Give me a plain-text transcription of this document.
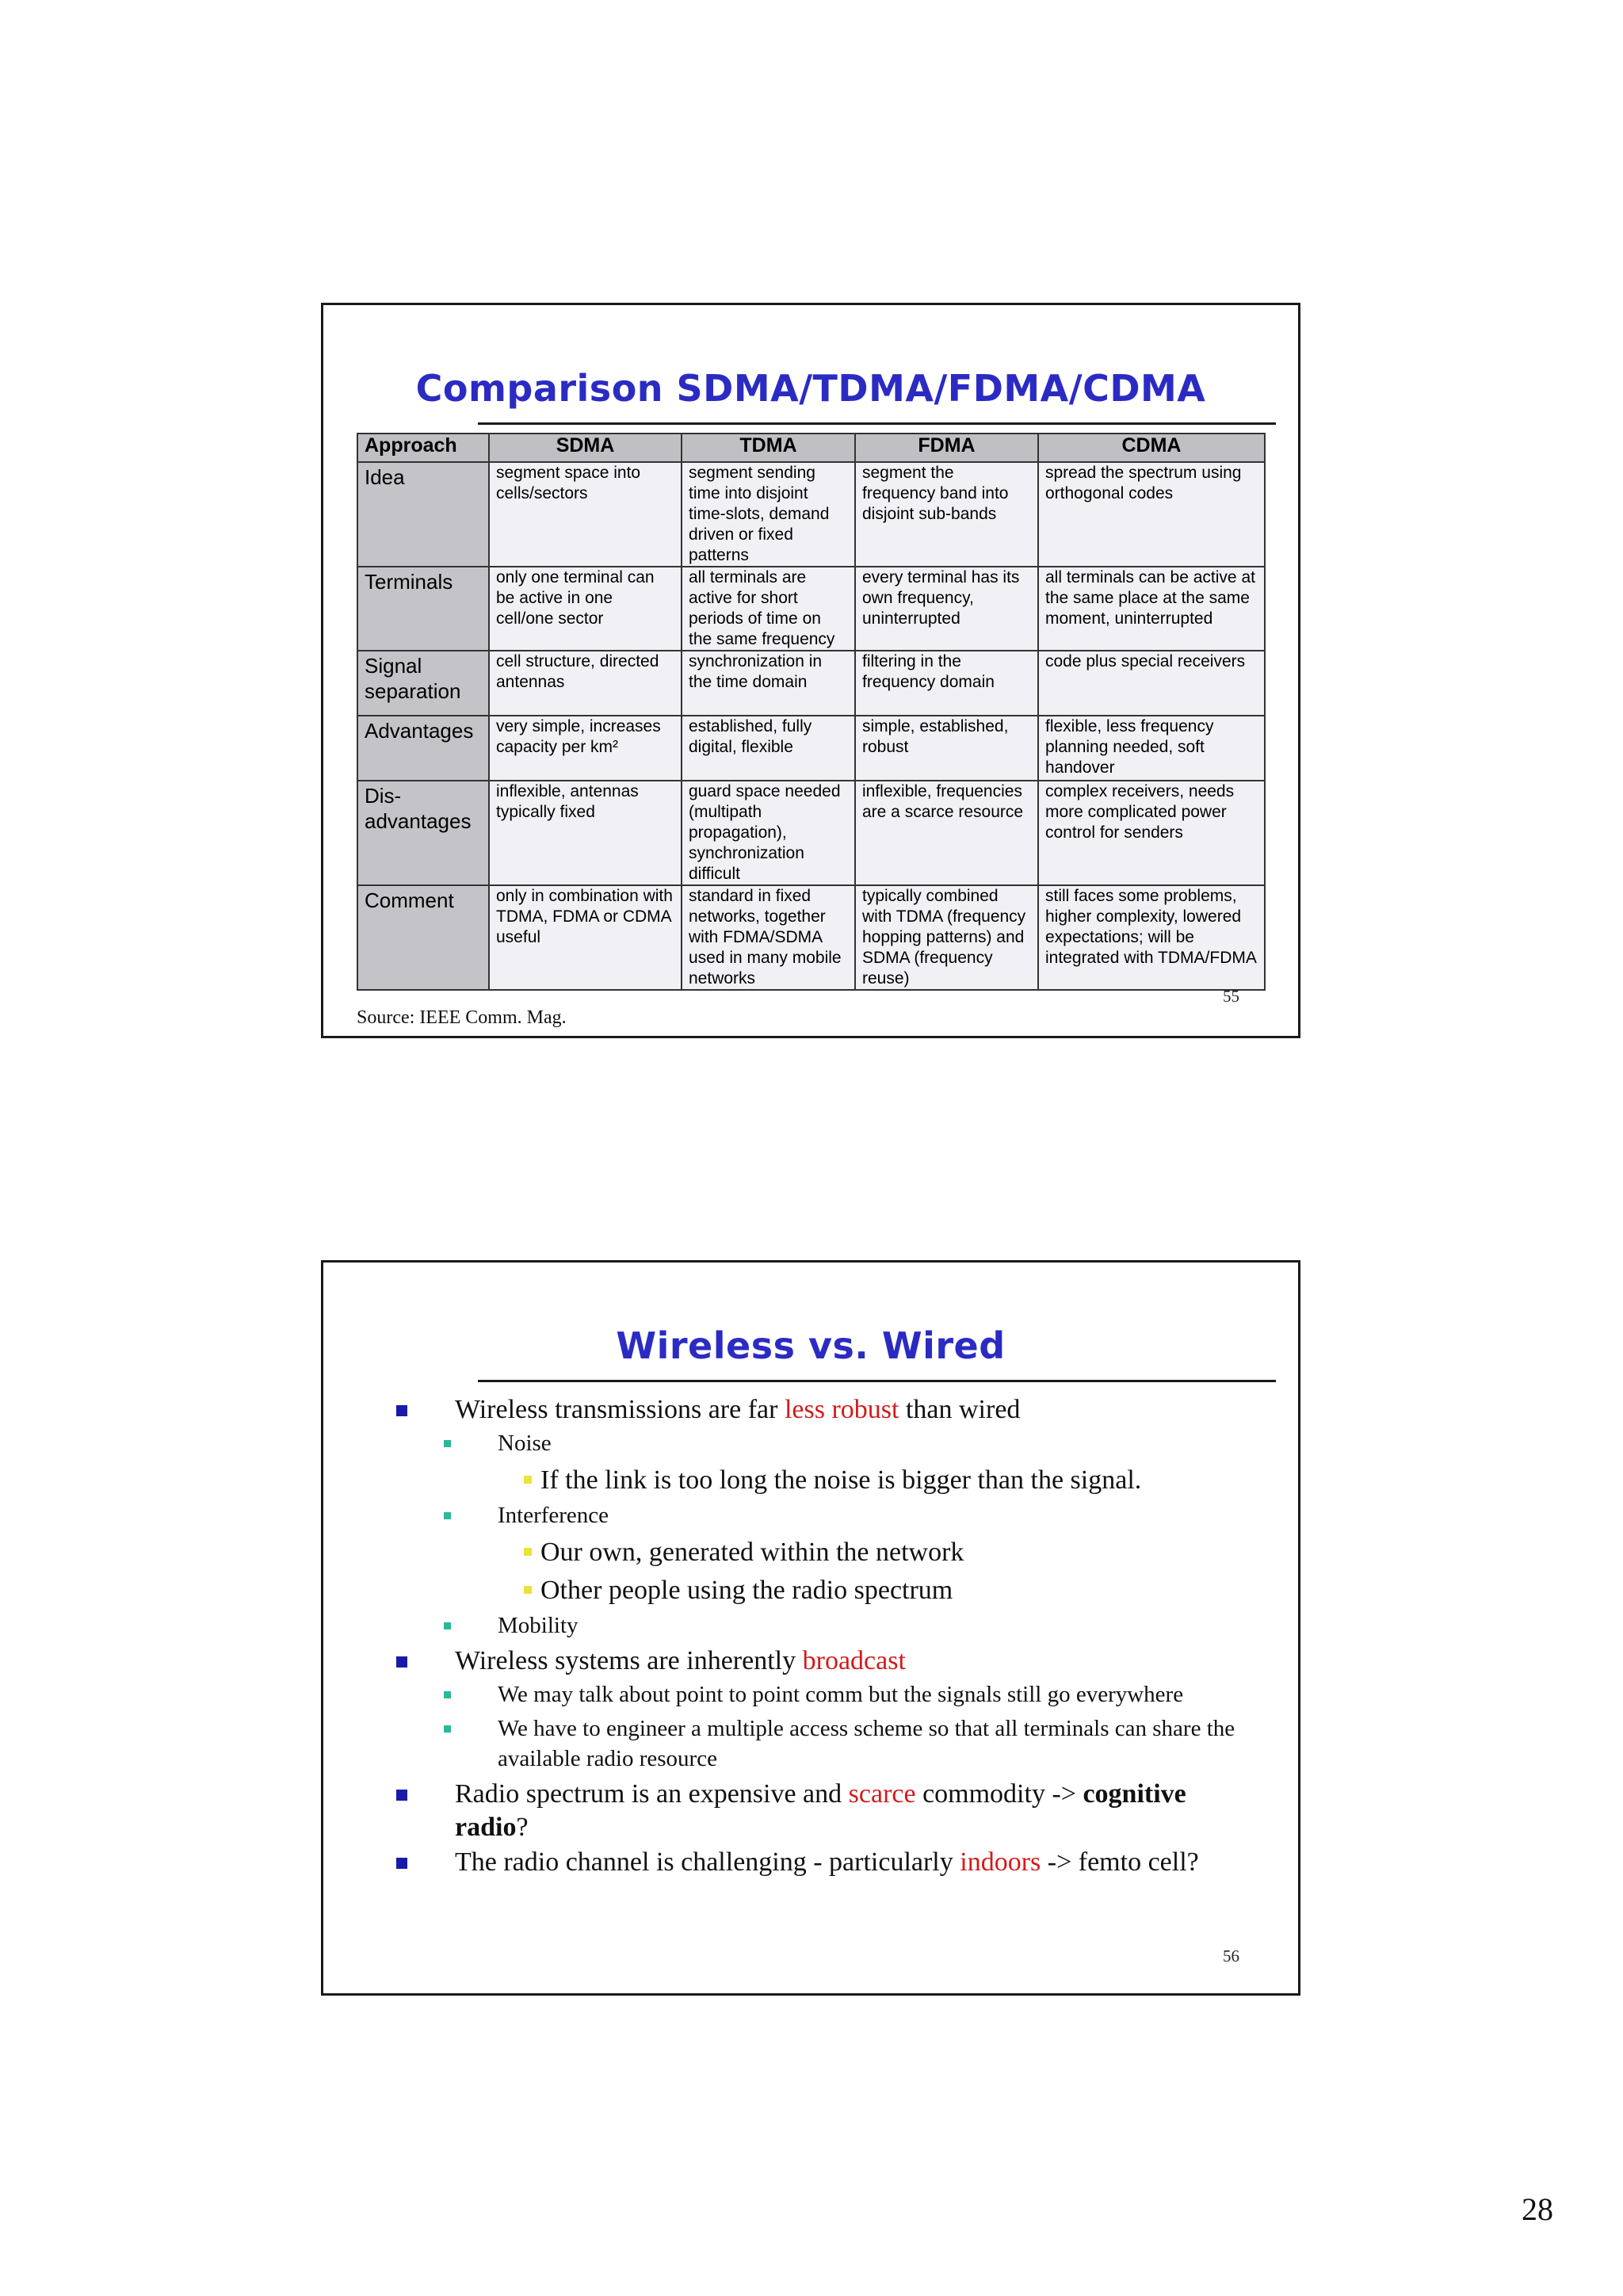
Comparison SDMA/TDMA/FDMA/CDMA
Approach	SDMA	TDMA	FDMA	CDMA
Idea	segment space into cells/sectors	segment sending time into disjoint time-slots, demand driven or fixed patterns	segment the frequency band into disjoint sub-bands	spread the spectrum using orthogonal codes
Terminals	only one terminal can be active in one cell/one sector	all terminals are active for short periods of time on the same frequency	every terminal has its own frequency, uninterrupted	all terminals can be active at the same place at the same moment, uninterrupted
Signal separation	cell structure, directed antennas	synchronization in the time domain	filtering in the frequency domain	code plus special receivers
Advantages	very simple, increases capacity per km²	established, fully digital, flexible	simple, established, robust	flexible, less frequency planning needed, soft handover
Dis-advantages	inflexible, antennas typically fixed	guard space needed (multipath propagation), synchronization difficult	inflexible, frequencies are a scarce resource	complex receivers, needs more complicated power control for senders
Comment	only in combination with TDMA, FDMA or CDMA useful	standard in fixed networks, together with FDMA/SDMA used in many mobile networks	typically combined with TDMA (frequency hopping patterns) and SDMA (frequency reuse)	still faces some problems, higher complexity, lowered expectations; will be integrated with TDMA/FDMA
55
Source: IEEE Comm. Mag.
Wireless vs. Wired
Wireless transmissions are far less robust than wired
Noise
If the link is too long the noise is bigger than the signal.
Interference
Our own, generated within the network
Other people using the radio spectrum
Mobility
Wireless systems are inherently broadcast
We may talk about point to point comm but the signals still go everywhere
We have to engineer a multiple access scheme so that all terminals can share the available radio resource
Radio spectrum is an expensive and scarce commodity -> cognitive radio?
The radio channel is challenging - particularly indoors -> femto cell?
56
28
